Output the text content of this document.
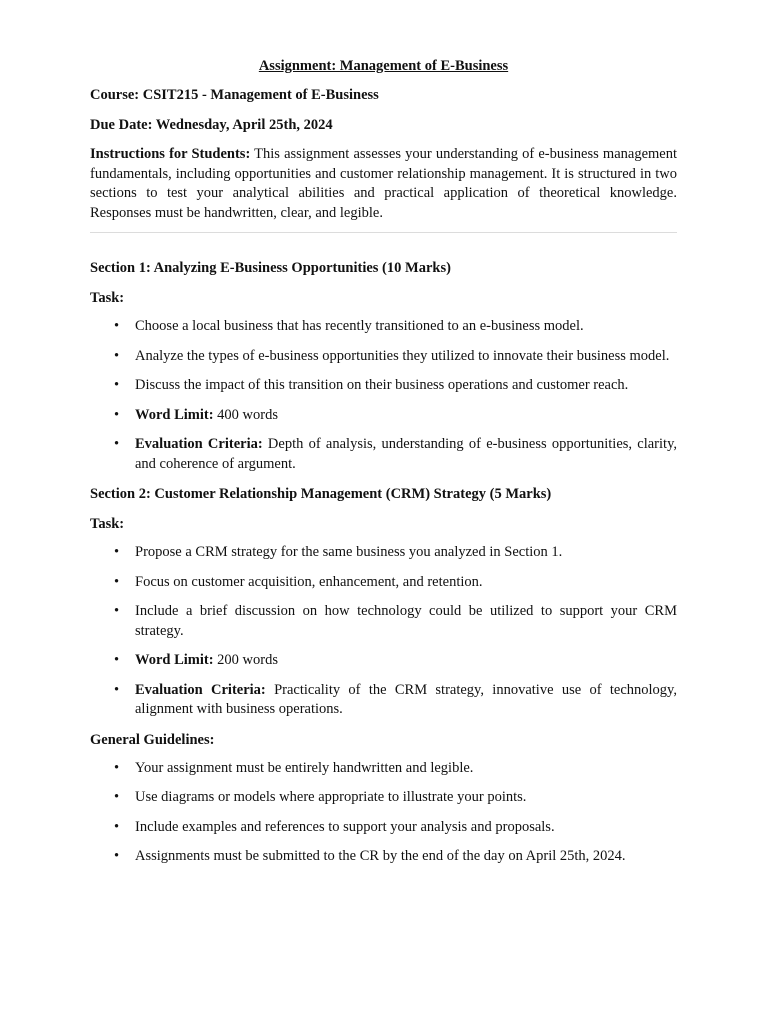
Assignment: Management of E-Business
Course: CSIT215 - Management of E-Business
Due Date: Wednesday, April 25th, 2024
Instructions for Students: This assignment assesses your understanding of e-business management fundamentals, including opportunities and customer relationship management. It is structured in two sections to test your analytical abilities and practical application of theoretical knowledge. Responses must be handwritten, clear, and legible.
Section 1: Analyzing E-Business Opportunities (10 Marks)
Task:
• Choose a local business that has recently transitioned to an e-business model.
• Analyze the types of e-business opportunities they utilized to innovate their business model.
• Discuss the impact of this transition on their business operations and customer reach.
• Word Limit: 400 words
• Evaluation Criteria: Depth of analysis, understanding of e-business opportunities, clarity, and coherence of argument.
Section 2: Customer Relationship Management (CRM) Strategy (5 Marks)
Task:
• Propose a CRM strategy for the same business you analyzed in Section 1.
• Focus on customer acquisition, enhancement, and retention.
• Include a brief discussion on how technology could be utilized to support your CRM strategy.
• Word Limit: 200 words
• Evaluation Criteria: Practicality of the CRM strategy, innovative use of technology, alignment with business operations.
General Guidelines:
• Your assignment must be entirely handwritten and legible.
• Use diagrams or models where appropriate to illustrate your points.
• Include examples and references to support your analysis and proposals.
• Assignments must be submitted to the CR by the end of the day on April 25th, 2024.
